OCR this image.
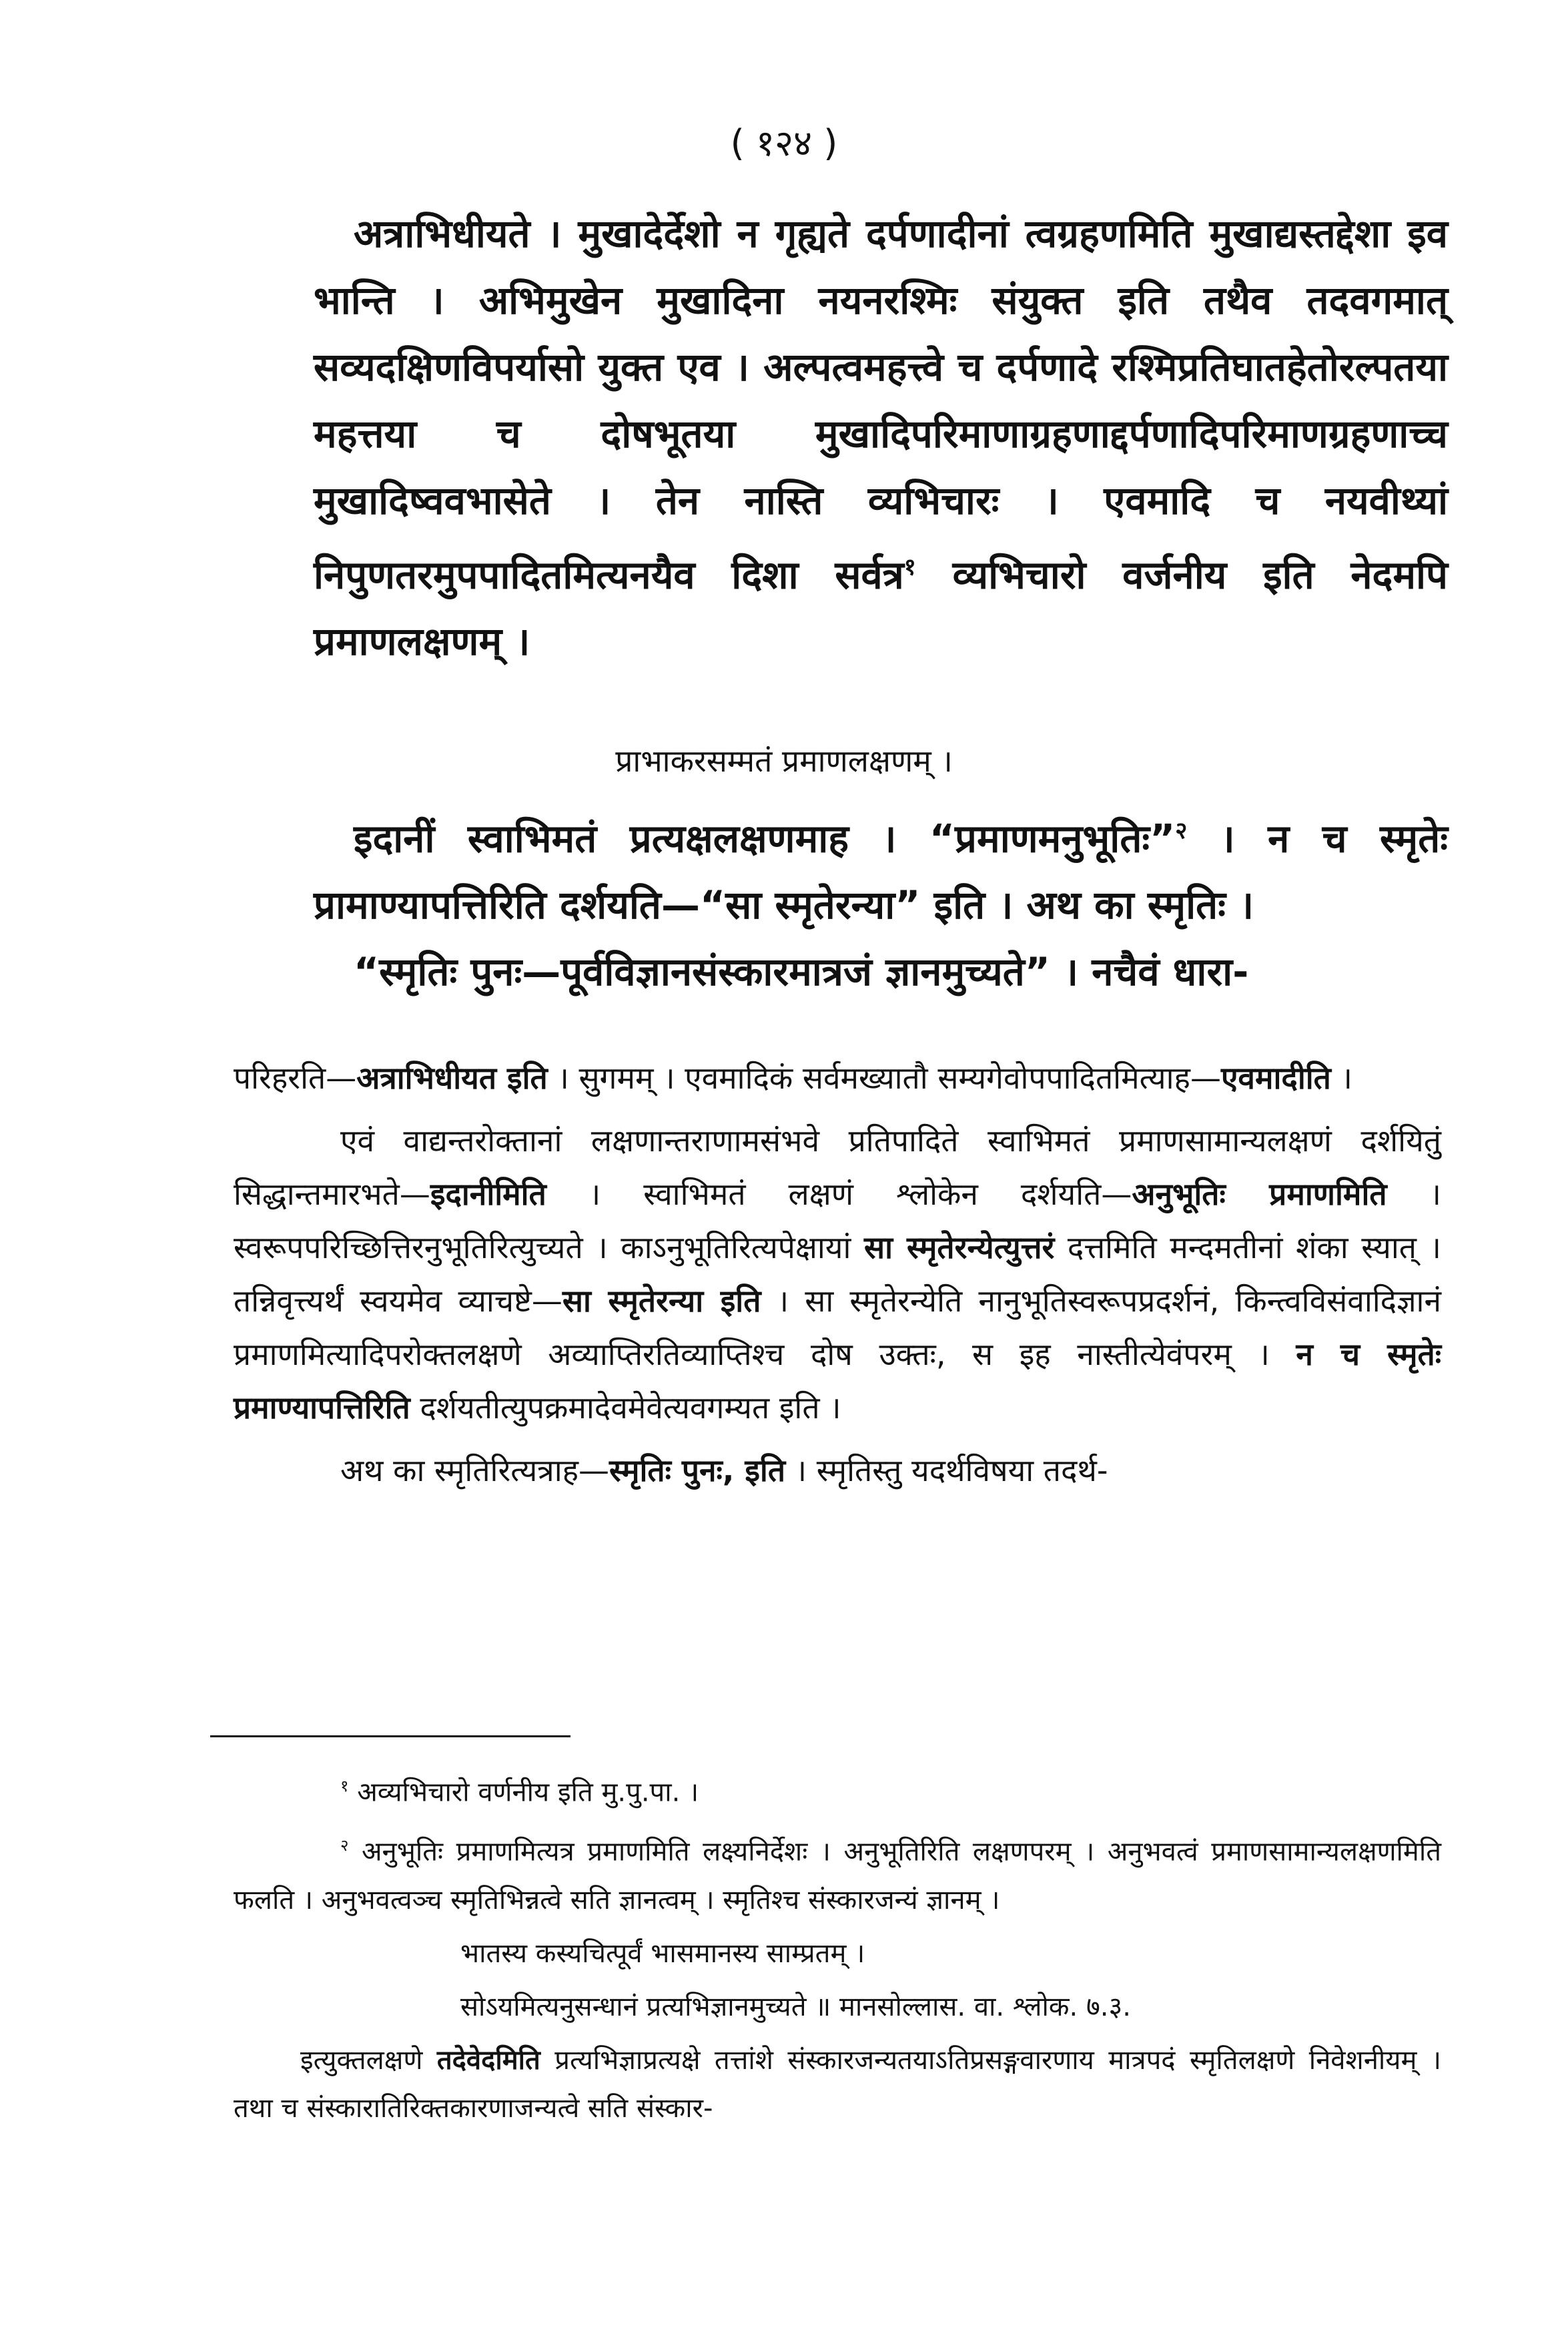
( १२४ )

अत्राभिधीयते । मुखादेर्देशो न गृह्यते दर्पणादीनां त्वग्रहणमिति मुखाद्यस्तद्देशा इव भान्ति । अभिमुखेन मुखादिना नयनरश्मिः संयुक्त इति तथैव तदवगमात् सव्यदक्षिणविपर्यासो युक्त एव । अल्पत्वमहत्त्वे च दर्पणादे रश्मिप्रतिघातहेतोरल्पतया महत्तया च दोषभूतया मुखादिपरिमाणाग्रहणाद्दर्पणादिपरिमाणग्रहणाच्च मुखादिष्ववभासेते । तेन नास्ति व्यभिचारः । एवमादि च नयवीथ्यां निपुणतरमुपपादितमित्यनयैव दिशा सर्वत्र$^१$ व्यभिचारो वर्जनीय इति नेदमपि प्रमाणलक्षणम् ।

प्राभाकरसम्मतं प्रमाणलक्षणम् ।

इदानीं स्वाभिमतं प्रत्यक्षलक्षणमाह । “प्रमाणमनुभूतिः”$^२$ । न च स्मृतेः प्रामाण्यापत्तिरिति दर्शयति—“सा स्मृतेरन्या” इति । अथ का स्मृतिः ।

“स्मृतिः पुनः—पूर्वविज्ञानसंस्कारमात्रजं ज्ञानमुच्यते” । नचैवं धारा-

परिहरति—अत्राभिधीयत इति । सुगमम् । एवमादिकं सर्वमख्यातौ सम्यगेवोपपादितमित्याह—एवमादीति ।

एवं वाद्यन्तरोक्तानां लक्षणान्तराणामसंभवे प्रतिपादिते स्वाभिमतं प्रमाणसामान्यलक्षणं दर्शयितुं सिद्धान्तमारभते—इदानीमिति । स्वाभिमतं लक्षणं श्लोकेन दर्शयति—अनुभूतिः प्रमाणमिति । स्वरूपपरिच्छित्तिरनुभूतिरित्युच्यते । काऽनुभूतिरित्यपेक्षायां सा स्मृतेरन्येत्युत्तरं दत्तमिति मन्दमतीनां शंका स्यात् । तन्निवृत्त्यर्थं स्वयमेव व्याचष्टे—सा स्मृतेरन्या इति । सा स्मृतेरन्येति नानुभूतिस्वरूपप्रदर्शनं, किन्त्वविसंवादिज्ञानं प्रमाणमित्यादिपरोक्तलक्षणे अव्याप्तिरतिव्याप्तिश्च दोष उक्तः, स इह नास्तीत्येवंपरम् । न च स्मृतेः प्रमाण्यापत्तिरिति दर्शयतीत्युपक्रमादेवमेवेत्यवगम्यत इति ।

अथ का स्मृतिरित्यत्राह—स्मृतिः पुनः, इति । स्मृतिस्तु यदर्थविषया तदर्थ-

$^१$ अव्यभिचारो वर्णनीय इति मु.पु.पा. ।

$^२$ अनुभूतिः प्रमाणमित्यत्र प्रमाणमिति लक्ष्यनिर्देशः । अनुभूतिरिति लक्षणपरम् । अनुभवत्वं प्रमाणसामान्यलक्षणमिति फलति । अनुभवत्वञ्च स्मृतिभिन्नत्वे सति ज्ञानत्वम् । स्मृतिश्च संस्कारजन्यं ज्ञानम् ।

भातस्य कस्यचित्पूर्वं भासमानस्य साम्प्रतम् ।

सोऽयमित्यनुसन्धानं प्रत्यभिज्ञानमुच्यते ॥ मानसोल्लास. वा. श्लोक. ७.३.

इत्युक्तलक्षणे तदेवेदमिति प्रत्यभिज्ञाप्रत्यक्षे तत्तांशे संस्कारजन्यतयाऽतिप्रसङ्गवारणाय मात्रपदं स्मृतिलक्षणे निवेशनीयम् । तथा च संस्कारातिरिक्तकारणाजन्यत्वे सति संस्कार-
